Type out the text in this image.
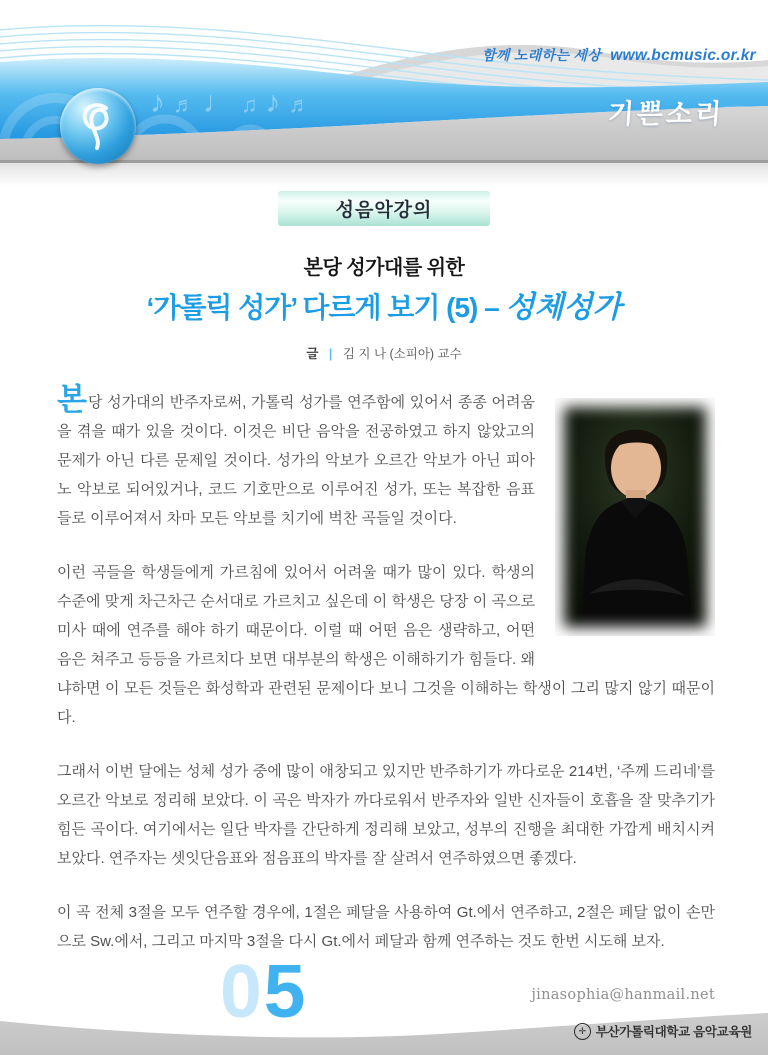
♪♬♩♫♪♬
함께 노래하는 세상 www.bcmusic.or.kr
기쁜소리
성음악강의
본당 성가대를 위한
‘가톨릭 성가’ 다르게 보기 (5) – 성체성가
글 | 김 지 나 (소피아) 교수

본당 성가대의 반주자로써, 가톨릭 성가를 연주함에 있어서 종종 어려움을 겪을 때가 있을 것이다. 이것은 비단 음악을 전공하였고 하지 않았고의 문제가 아닌 다른 문제일 것이다. 성가의 악보가 오르간 악보가 아닌 피아노 악보로 되어있거나, 코드 기호만으로 이루어진 성가, 또는 복잡한 음표들로 이루어져서 차마 모든 악보를 치기에 벅찬 곡들일 것이다.

이런 곡들을 학생들에게 가르침에 있어서 어려울 때가 많이 있다. 학생의 수준에 맞게 차근차근 순서대로 가르치고 싶은데 이 학생은 당장 이 곡으로 미사 때에 연주를 해야 하기 때문이다. 이럴 때 어떤 음은 생략하고, 어떤 음은 쳐주고 등등을 가르치다 보면 대부분의 학생은 이해하기가 힘들다. 왜냐하면 이 모든 것들은 화성학과 관련된 문제이다 보니 그것을 이해하는 학생이 그리 많지 않기 때문이다.

그래서 이번 달에는 성체 성가 중에 많이 애창되고 있지만 반주하기가 까다로운 214번, ‘주께 드리네’를 오르간 악보로 정리해 보았다. 이 곡은 박자가 까다로워서 반주자와 일반 신자들이 호흡을 잘 맞추기가 힘든 곡이다. 여기에서는 일단 박자를 간단하게 정리해 보았고, 성부의 진행을 최대한 가깝게 배치시켜 보았다. 연주자는 셋잇단음표와 점음표의 박자를 잘 살려서 연주하였으면 좋겠다.

이 곡 전체 3절을 모두 연주할 경우에, 1절은 페달을 사용하여 Gt.에서 연주하고, 2절은 페달 없이 손만으로 Sw.에서, 그리고 마지막 3절을 다시 Gt.에서 페달과 함께 연주하는 것도 한번 시도해 보자.

jinasophia@hanmail.net
05	✛ 부산가톨릭대학교 음악교육원
